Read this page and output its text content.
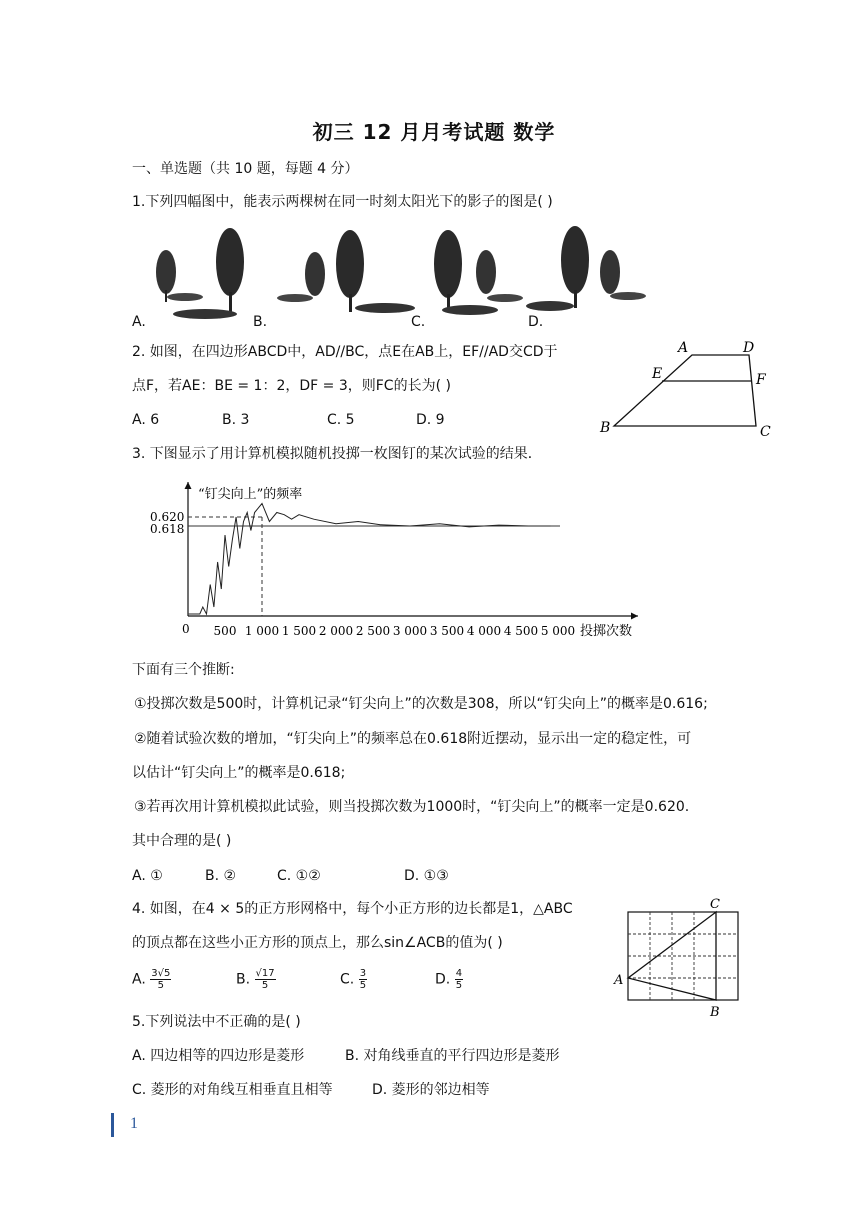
初三 12 月月考试题 数学
一、单选题（共 10 题，每题 4 分）
1.下列四幅图中，能表示两棵树在同一时刻太阳光下的影子的图是( )
A.	B.	C.	D.
2. 如图，在四边形ABCD中，AD//BC，点E在AB上，EF//AD交CD于
点F，若AE：BE = 1：2，DF = 3，则FC的长为( )
A. 6	B. 3	C. 5	D. 9
A	D
E	F
B	C
3. 下图显示了用计算机模拟随机投掷一枚图钉的某次试验的结果．
“钉尖向上”的频率
0.620
0.618
0 500 1 000 1 500 2 000 2 500 3 000 3 500 4 000 4 500 5 000 投掷次数
下面有三个推断:
①投掷次数是500时，计算机记录“钉尖向上”的次数是308，所以“钉尖向上”的概率是0.616;
②随着试验次数的增加，“钉尖向上”的频率总在0.618附近摆动，显示出一定的稳定性，可
以估计“钉尖向上”的概率是0.618;
③若再次用计算机模拟此试验，则当投掷次数为1000时，“钉尖向上”的概率一定是0.620.
其中合理的是( )
A. ①	B. ②	C. ①②	D. ①③
4. 如图，在4 × 5的正方形网格中，每个小正方形的边长都是1，△ABC
的顶点都在这些小正方形的顶点上，那么sin∠ACB的值为( )
A. $\frac{3√5}{5}$	B. $\frac{√17}{5}$	C. $\frac{3}{5}$	D. $\frac{4}{5}$	A
B
C
5.下列说法中不正确的是( )
A. 四边相等的四边形是菱形	B. 对角线垂直的平行四边形是菱形
C. 菱形的对角线互相垂直且相等	D. 菱形的邻边相等
1
